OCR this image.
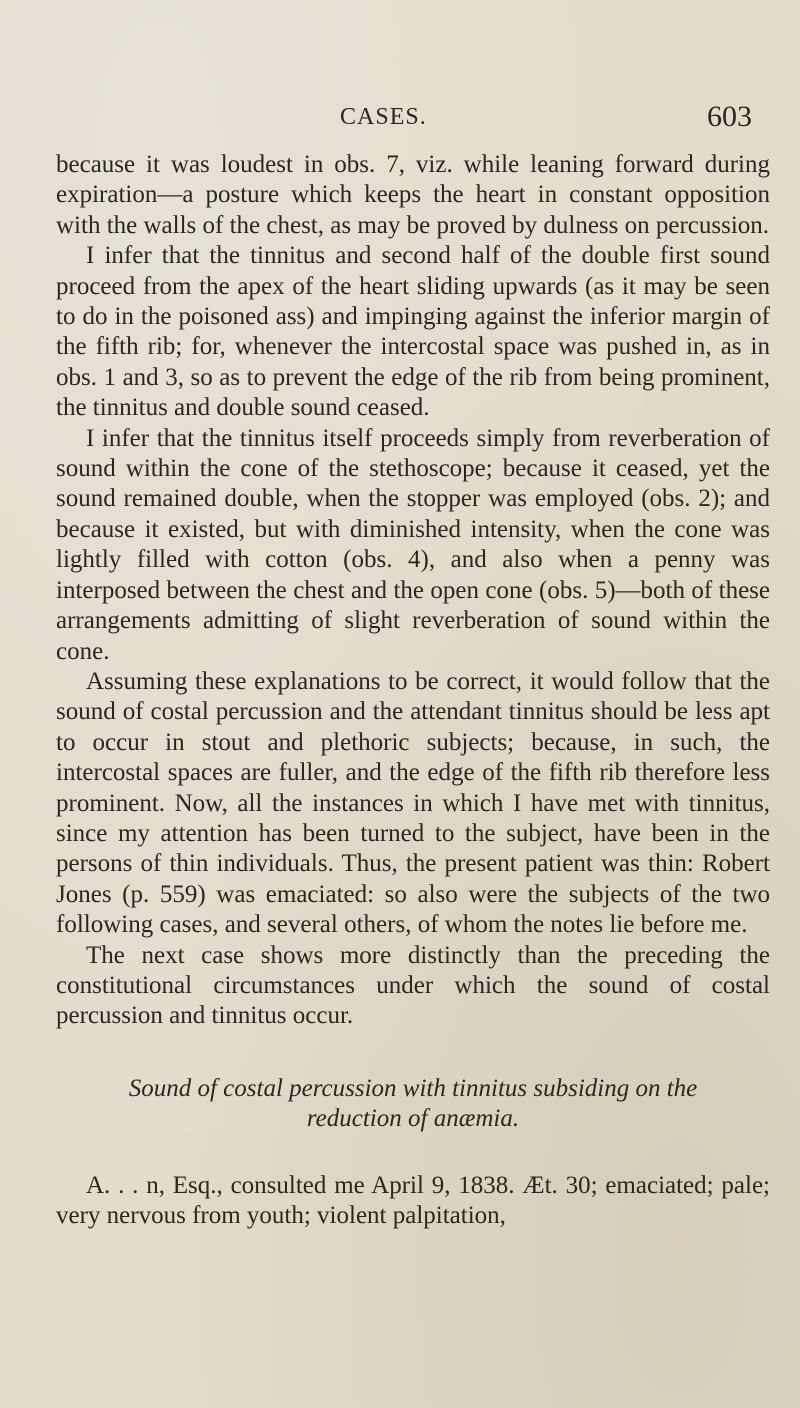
CASES.	603

because it was loudest in obs. 7, viz. while leaning forward during expiration—a posture which keeps the heart in constant opposition with the walls of the chest, as may be proved by dulness on percussion.

I infer that the tinnitus and second half of the double first sound proceed from the apex of the heart sliding upwards (as it may be seen to do in the poisoned ass) and impinging against the inferior margin of the fifth rib; for, whenever the intercostal space was pushed in, as in obs. 1 and 3, so as to prevent the edge of the rib from being prominent, the tinnitus and double sound ceased.

I infer that the tinnitus itself proceeds simply from reverberation of sound within the cone of the stethoscope; because it ceased, yet the sound remained double, when the stopper was employed (obs. 2); and because it existed, but with diminished intensity, when the cone was lightly filled with cotton (obs. 4), and also when a penny was interposed between the chest and the open cone (obs. 5)—both of these arrangements admitting of slight reverberation of sound within the cone.

Assuming these explanations to be correct, it would follow that the sound of costal percussion and the attendant tinnitus should be less apt to occur in stout and plethoric subjects; because, in such, the intercostal spaces are fuller, and the edge of the fifth rib therefore less prominent. Now, all the instances in which I have met with tinnitus, since my attention has been turned to the subject, have been in the persons of thin individuals. Thus, the present patient was thin: Robert Jones (p. 559) was emaciated: so also were the subjects of the two following cases, and several others, of whom the notes lie before me.

The next case shows more distinctly than the preceding the constitutional circumstances under which the sound of costal percussion and tinnitus occur.

Sound of costal percussion with tinnitus subsiding on the
reduction of anæmia.

A. . . n, Esq., consulted me April 9, 1838. Æt. 30; emaciated; pale; very nervous from youth; violent palpitation,
